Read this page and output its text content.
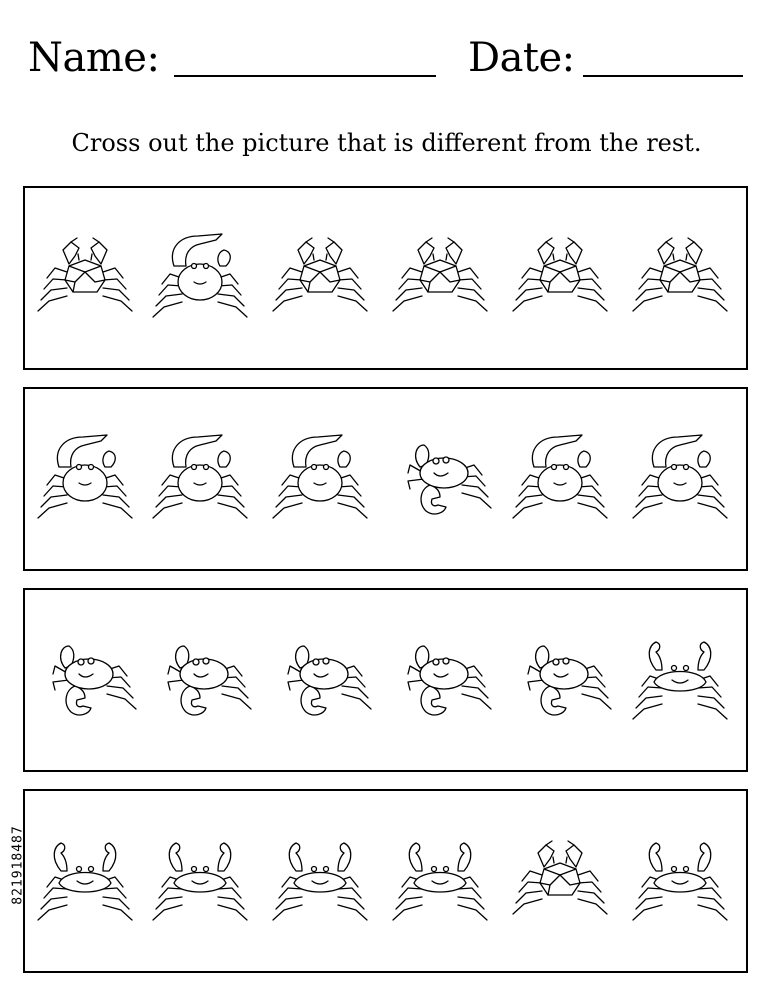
Name:	Date:
Cross out the picture that is different from the rest.
821918487
